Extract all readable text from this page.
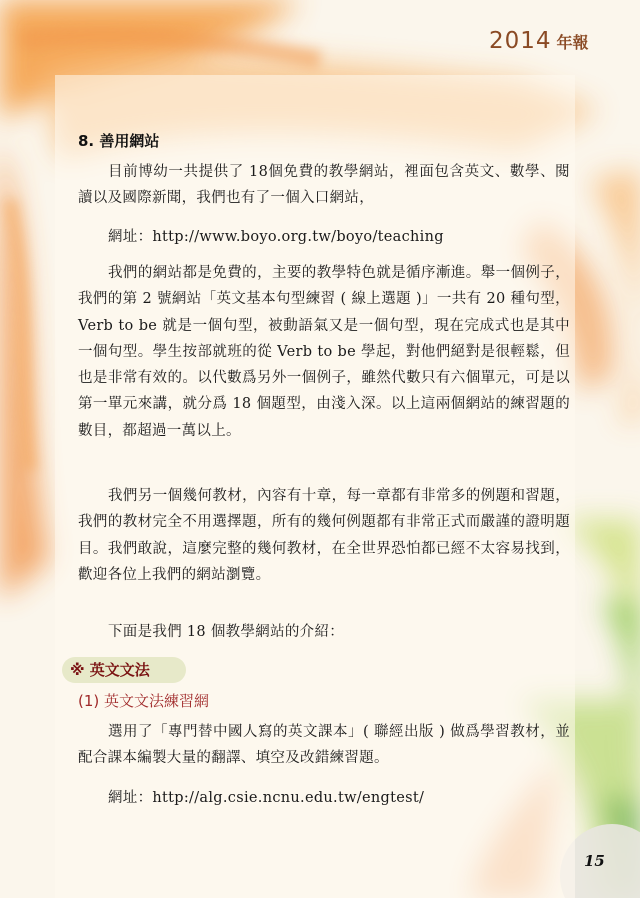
2014 年報
8. 善用網站

目前博幼一共提供了 18個免費的教學網站，裡面包含英文、數學、閱讀以及國際新聞，我們也有了一個入口網站，

網址：http://www.boyo.org.tw/boyo/teaching

我們的網站都是免費的，主要的教學特色就是循序漸進。舉一個例子，我們的第 2 號網站「英文基本句型練習 ( 線上選題 )」一共有 20 種句型，Verb to be 就是一個句型，被動語氣又是一個句型，現在完成式也是其中一個句型。學生按部就班的從 Verb to be 學起，對他們絕對是很輕鬆，但也是非常有效的。以代數爲另外一個例子，雖然代數只有六個單元，可是以第一單元來講，就分爲 18 個題型，由淺入深。以上這兩個網站的練習題的數目，都超過一萬以上。

我們另一個幾何教材，內容有十章，每一章都有非常多的例題和習題，我們的教材完全不用選擇題，所有的幾何例題都有非常正式而嚴謹的證明題目。我們敢說，這麼完整的幾何教材，在全世界恐怕都已經不太容易找到，歡迎各位上我們的網站瀏覽。

下面是我們 18 個教學網站的介紹：

※ 英文文法
(1) 英文文法練習網

選用了「專門替中國人寫的英文課本」( 聯經出版 ) 做爲學習教材，並配合課本編製大量的翻譯、填空及改錯練習題。

網址：http://alg.csie.ncnu.edu.tw/engtest/

15
